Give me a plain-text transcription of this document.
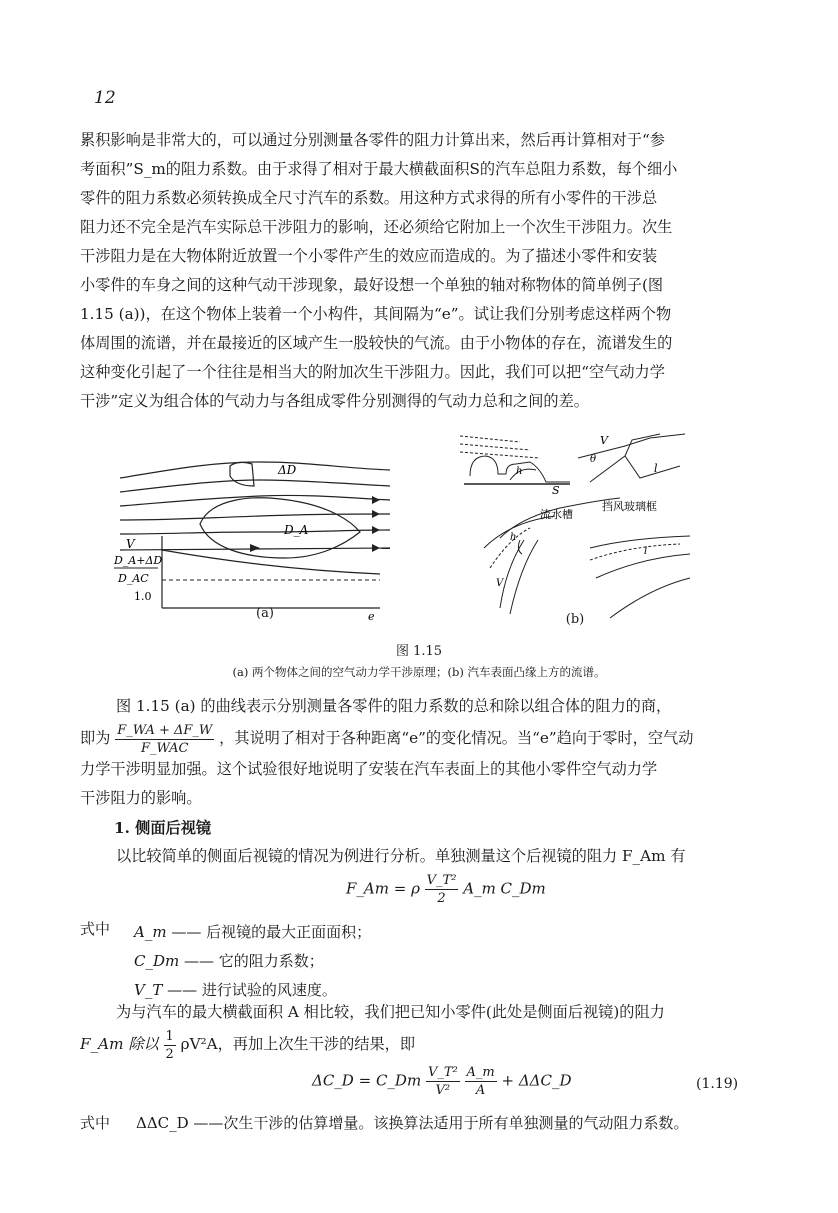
12
累积影响是非常大的，可以通过分别测量各零件的阻力计算出来，然后再计算相对于“参
考面积”S_m的阻力系数。由于求得了相对于最大横截面积S的汽车总阻力系数，每个细小
零件的阻力系数必须转换成全尺寸汽车的系数。用这种方式求得的所有小零件的干涉总
阻力还不完全是汽车实际总干涉阻力的影响，还必须给它附加上一个次生干涉阻力。次生
干涉阻力是在大物体附近放置一个小零件产生的效应而造成的。为了描述小零件和安装
小零件的车身之间的这种气动干涉现象，最好设想一个单独的轴对称物体的简单例子(图
1.15 (a))，在这个物体上装着一个小构件，其间隔为“e”。试让我们分别考虑这样两个物
体周围的流谱，并在最接近的区域产生一股较快的气流。由于小物体的存在，流谱发生的
这种变化引起了一个往往是相当大的附加次生干涉阻力。因此，我们可以把“空气动力学
干涉”定义为组合体的气动力与各组成零件分别测得的气动力总和之间的差。
ΔD
D_A
V
D_A+ΔD
D_AC
1.0
e
(a)
S
h
V
θ
l
流水槽
挡风玻璃框
V
h
l
(b)
图 1.15
(a) 两个物体之间的空气动力学干涉原理；(b) 汽车表面凸缘上方的流谱。
图 1.15 (a) 的曲线表示分别测量各零件的阻力系数的总和除以组合体的阻力的商，
即为 $\frac{F\_WA + \Delta F\_W}{\text{F\_WAC}}$ ，其说明了相对于各种距离“e”的变化情况。当“e”趋向于零时，空气动
力学干涉明显加强。这个试验很好地说明了安装在汽车表面上的其他小零件空气动力学
干涉阻力的影响。
1. 侧面后视镜
以比较简单的侧面后视镜的情况为例进行分析。单独测量这个后视镜的阻力 F_Am 有
F_Am = ρ $\frac{\text{V\_T²}}{2}$ A_m C_Dm
式中 A_m —— 后视镜的最大正面面积；
C_Dm —— 它的阻力系数；
V_T —— 进行试验的风速度。
为与汽车的最大横截面积 A 相比较，我们把已知小零件(此处是侧面后视镜)的阻力
F_Am 除以 $\frac{1}{2} \rho V^2A$，再加上次生干涉的结果，即
ΔC_D = C_Dm $\frac{\text{V\_T²}}{\text{V²}}$
$\frac{A\_m}{A}$ + ΔΔC_D	(1.19)
式中 ΔΔC_D ——次生干涉的估算增量。该换算法适用于所有单独测量的气动阻力系数。
